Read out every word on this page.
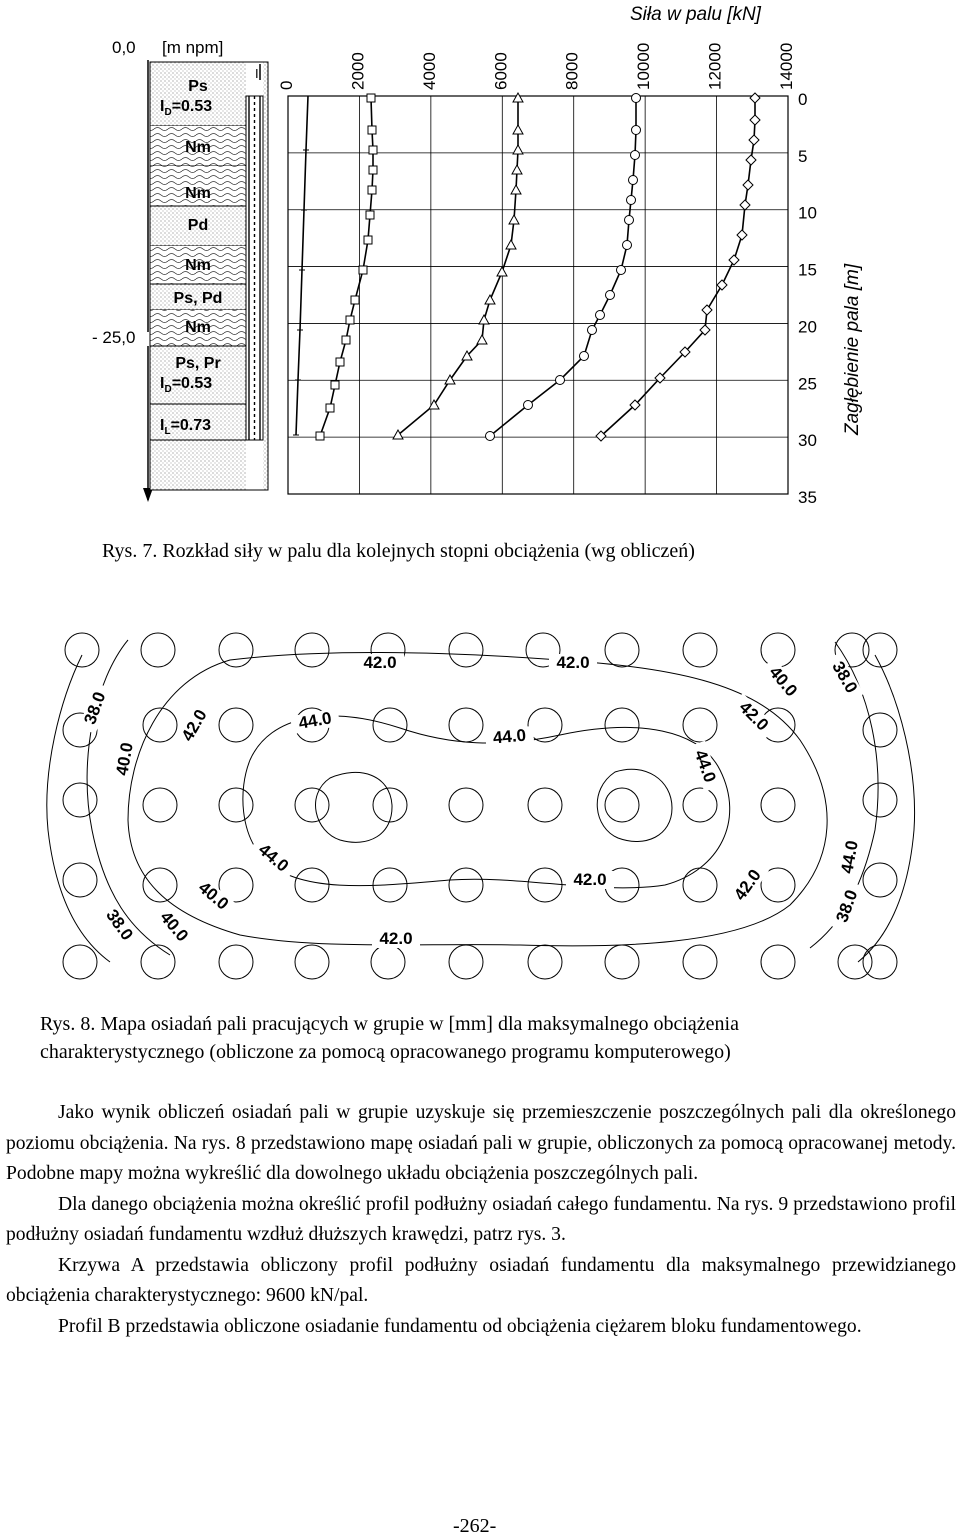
0,0 [m npm]
- 25,0
Ps
$I_D=0.53$
Nm
Nm
Pd
Nm
Ps, Pd
Nm
Ps, Pr
$I_D=0.53$
$I_L=0.73$
I
0	2000	4000	6000	8000	10000	12000	14000
0
5
10
15
20
25
30
35
Siła w palu [kN]
Zagłębienie pala [m]
Rys. 7. Rozkład siły w palu dla kolejnych stopni obciążenia (wg obliczeń)
42.0	42.0
40.0
38.0
38.0
40.0
42.0
44.0
44.0
42.0
44.0
44.0
42.0
40.0
38.0
44.0
42.0
40.0
38.0
42.0
Rys. 8. Mapa osiadań pali pracujących w grupie w [mm] dla maksymalnego obciążenia
charakterystycznego (obliczone za pomocą opracowanego programu komputerowego)

Jako wynik obliczeń osiadań pali w grupie uzyskuje się przemieszczenie poszczególnych pali dla określonego poziomu obciążenia. Na rys. 8 przedstawiono mapę osiadań pali w grupie, obliczonych za pomocą opracowanej metody. Podobne mapy można wykreślić dla dowolnego układu obciążenia poszczególnych pali.

Dla danego obciążenia można określić profil podłużny osiadań całego fundamentu. Na rys. 9 przedstawiono profil podłużny osiadań fundamentu wzdłuż dłuższych krawędzi, patrz rys. 3.

Krzywa A przedstawia obliczony profil podłużny osiadań fundamentu dla maksymalnego przewidzianego obciążenia charakterystycznego: 9600 kN/pal.

Profil B przedstawia obliczone osiadanie fundamentu od obciążenia ciężarem bloku fundamentowego.

-262-
